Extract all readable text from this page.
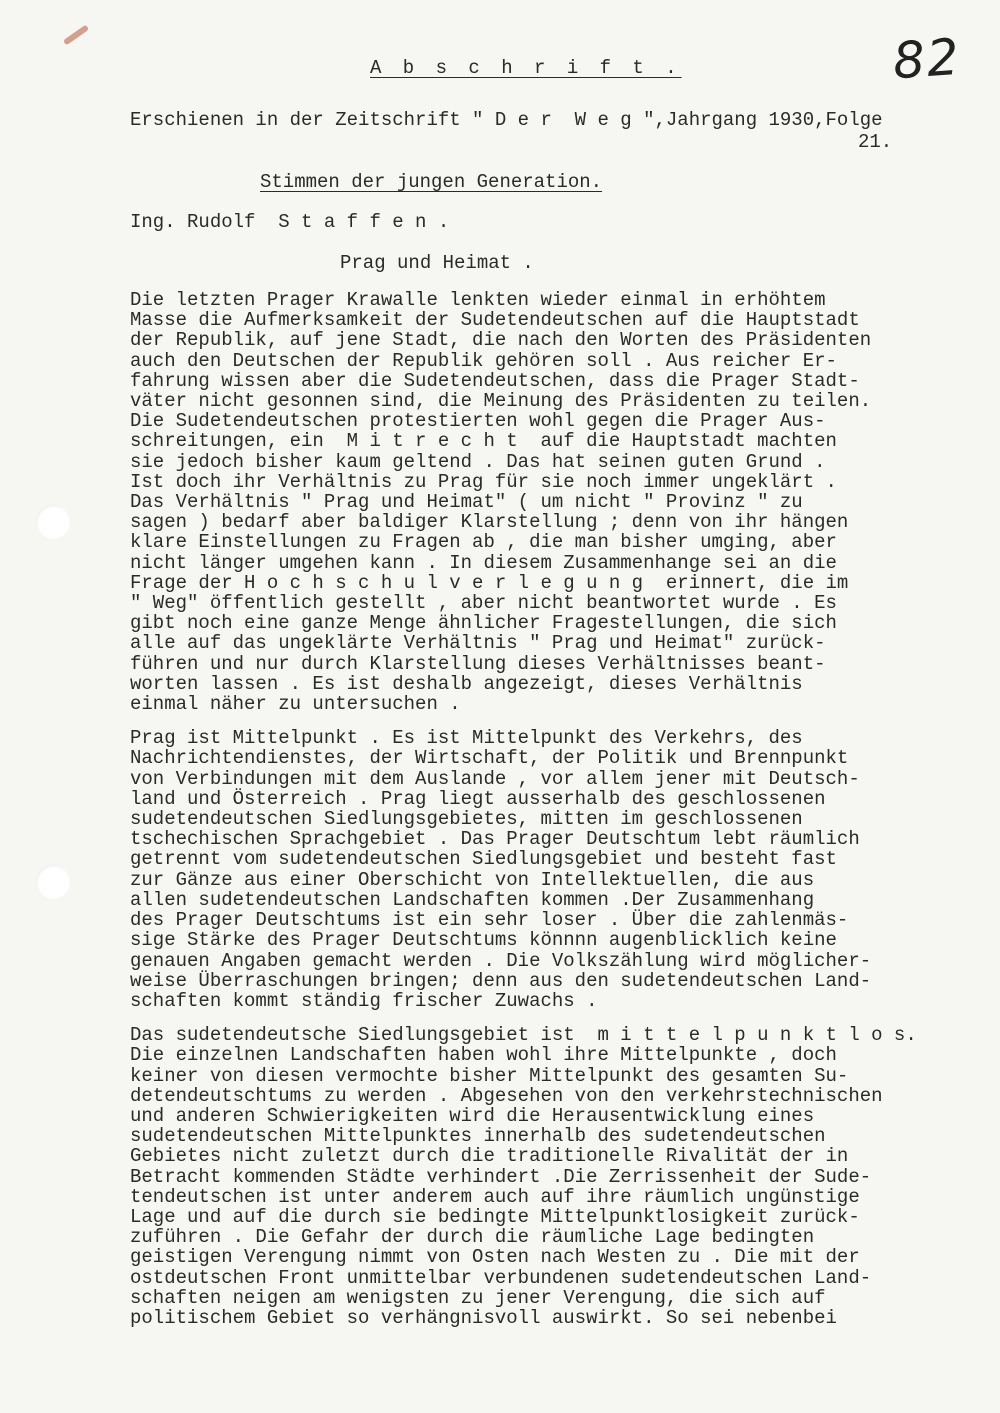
82

A b s c h r i f t .

Erschienen in der Zeitschrift " D e r  W e g ",Jahrgang 1930,Folge

21.

Stimmen der jungen Generation.

Ing. Rudolf  S t a f f e n .

Prag und Heimat .

Die letzten Prager Krawalle lenkten wieder einmal in erhöhtem
Masse die Aufmerksamkeit der Sudetendeutschen auf die Hauptstadt
der Republik, auf jene Stadt, die nach den Worten des Präsidenten
auch den Deutschen der Republik gehören soll . Aus reicher Er-
fahrung wissen aber die Sudetendeutschen, dass die Prager Stadt-
väter nicht gesonnen sind, die Meinung des Präsidenten zu teilen.
Die Sudetendeutschen protestierten wohl gegen die Prager Aus-
schreitungen, ein  M i t r e c h t  auf die Hauptstadt machten
sie jedoch bisher kaum geltend . Das hat seinen guten Grund .
Ist doch ihr Verhältnis zu Prag für sie noch immer ungeklärt .
Das Verhältnis " Prag und Heimat" ( um nicht " Provinz " zu
sagen ) bedarf aber baldiger Klarstellung ; denn von ihr hängen
klare Einstellungen zu Fragen ab , die man bisher umging, aber
nicht länger umgehen kann . In diesem Zusammenhange sei an die
Frage der H o c h s c h u l v e r l e g u n g  erinnert, die im
" Weg" öffentlich gestellt , aber nicht beantwortet wurde . Es
gibt noch eine ganze Menge ähnlicher Fragestellungen, die sich
alle auf das ungeklärte Verhältnis " Prag und Heimat" zurück-
führen und nur durch Klarstellung dieses Verhältnisses beant-
worten lassen . Es ist deshalb angezeigt, dieses Verhältnis
einmal näher zu untersuchen .
Prag ist Mittelpunkt . Es ist Mittelpunkt des Verkehrs, des
Nachrichtendienstes, der Wirtschaft, der Politik und Brennpunkt
von Verbindungen mit dem Auslande , vor allem jener mit Deutsch-
land und Österreich . Prag liegt ausserhalb des geschlossenen
sudetendeutschen Siedlungsgebietes, mitten im geschlossenen
tschechischen Sprachgebiet . Das Prager Deutschtum lebt räumlich
getrennt vom sudetendeutschen Siedlungsgebiet und besteht fast
zur Gänze aus einer Oberschicht von Intellektuellen, die aus
allen sudetendeutschen Landschaften kommen .Der Zusammenhang
des Prager Deutschtums ist ein sehr loser . Über die zahlenmäs-
sige Stärke des Prager Deutschtums könnnn augenblicklich keine
genauen Angaben gemacht werden . Die Volkszählung wird möglicher-
weise Überraschungen bringen; denn aus den sudetendeutschen Land-
schaften kommt ständig frischer Zuwachs .
Das sudetendeutsche Siedlungsgebiet ist  m i t t e l p u n k t l o s.
Die einzelnen Landschaften haben wohl ihre Mittelpunkte , doch
keiner von diesen vermochte bisher Mittelpunkt des gesamten Su-
detendeutschtums zu werden . Abgesehen von den verkehrstechnischen
und anderen Schwierigkeiten wird die Herausentwicklung eines
sudetendeutschen Mittelpunktes innerhalb des sudetendeutschen
Gebietes nicht zuletzt durch die traditionelle Rivalität der in
Betracht kommenden Städte verhindert .Die Zerrissenheit der Sude-
tendeutschen ist unter anderem auch auf ihre räumlich ungünstige
Lage und auf die durch sie bedingte Mittelpunktlosigkeit zurück-
zuführen . Die Gefahr der durch die räumliche Lage bedingten
geistigen Verengung nimmt von Osten nach Westen zu . Die mit der
ostdeutschen Front unmittelbar verbundenen sudetendeutschen Land-
schaften neigen am wenigsten zu jener Verengung, die sich auf
politischem Gebiet so verhängnisvoll auswirkt. So sei nebenbei
